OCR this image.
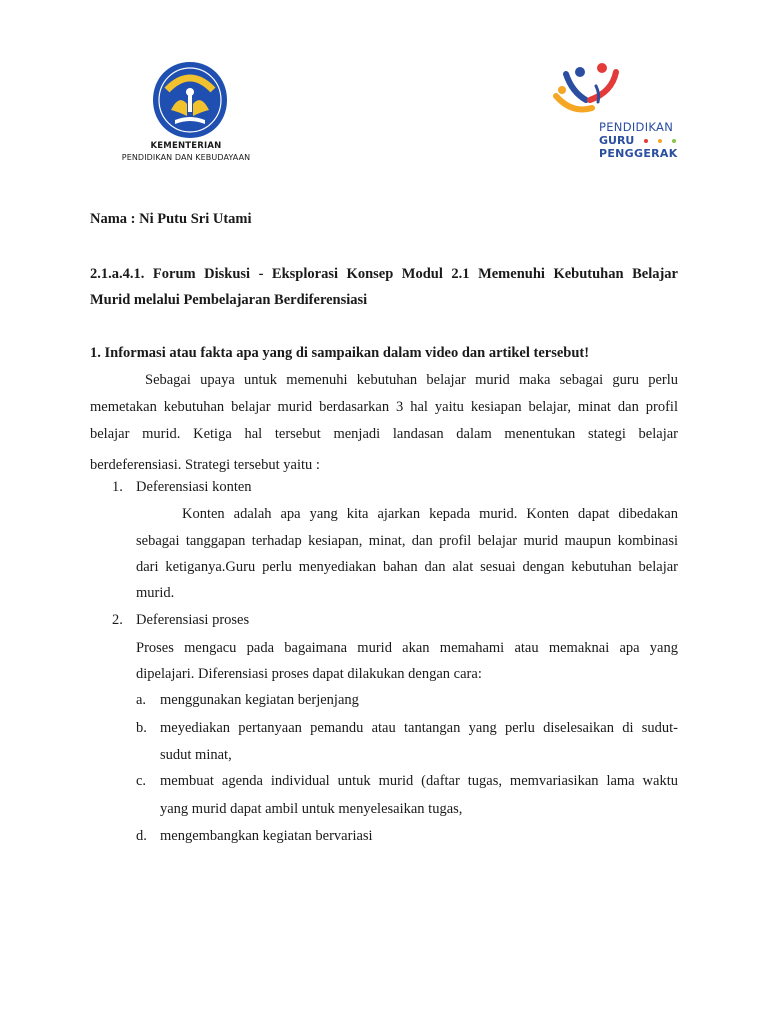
KEMENTERIAN
PENDIDIKAN DAN KEBUDAYAAN
PENDIDIKAN
GURU
PENGGERAK
Nama : Ni Putu Sri Utami
2.1.a.4.1. Forum Diskusi - Eksplorasi Konsep Modul 2.1 Memenuhi Kebutuhan Belajar
Murid melalui Pembelajaran Berdiferensiasi
1. Informasi atau fakta apa yang di sampaikan dalam video dan artikel tersebut!
Sebagai upaya untuk memenuhi kebutuhan belajar murid maka sebagai guru perlu
memetakan kebutuhan belajar murid berdasarkan 3 hal yaitu kesiapan belajar, minat dan profil
belajar murid. Ketiga hal tersebut menjadi landasan dalam menentukan stategi belajar
berdeferensiasi. Strategi tersebut yaitu :
1. Deferensiasi konten
Konten adalah apa yang kita ajarkan kepada murid. Konten dapat dibedakan
sebagai tanggapan terhadap kesiapan, minat, dan profil belajar murid maupun kombinasi
dari ketiganya.Guru perlu menyediakan bahan dan alat sesuai dengan kebutuhan belajar
murid.
2. Deferensiasi proses
Proses mengacu pada bagaimana murid akan memahami atau memaknai apa yang
dipelajari. Diferensiasi proses dapat dilakukan dengan cara:
a. menggunakan kegiatan berjenjang
b. meyediakan pertanyaan pemandu atau tantangan yang perlu diselesaikan di sudut-
sudut minat,
c. membuat agenda individual untuk murid (daftar tugas, memvariasikan lama waktu
yang murid dapat ambil untuk menyelesaikan tugas,
d. mengembangkan kegiatan bervariasi
